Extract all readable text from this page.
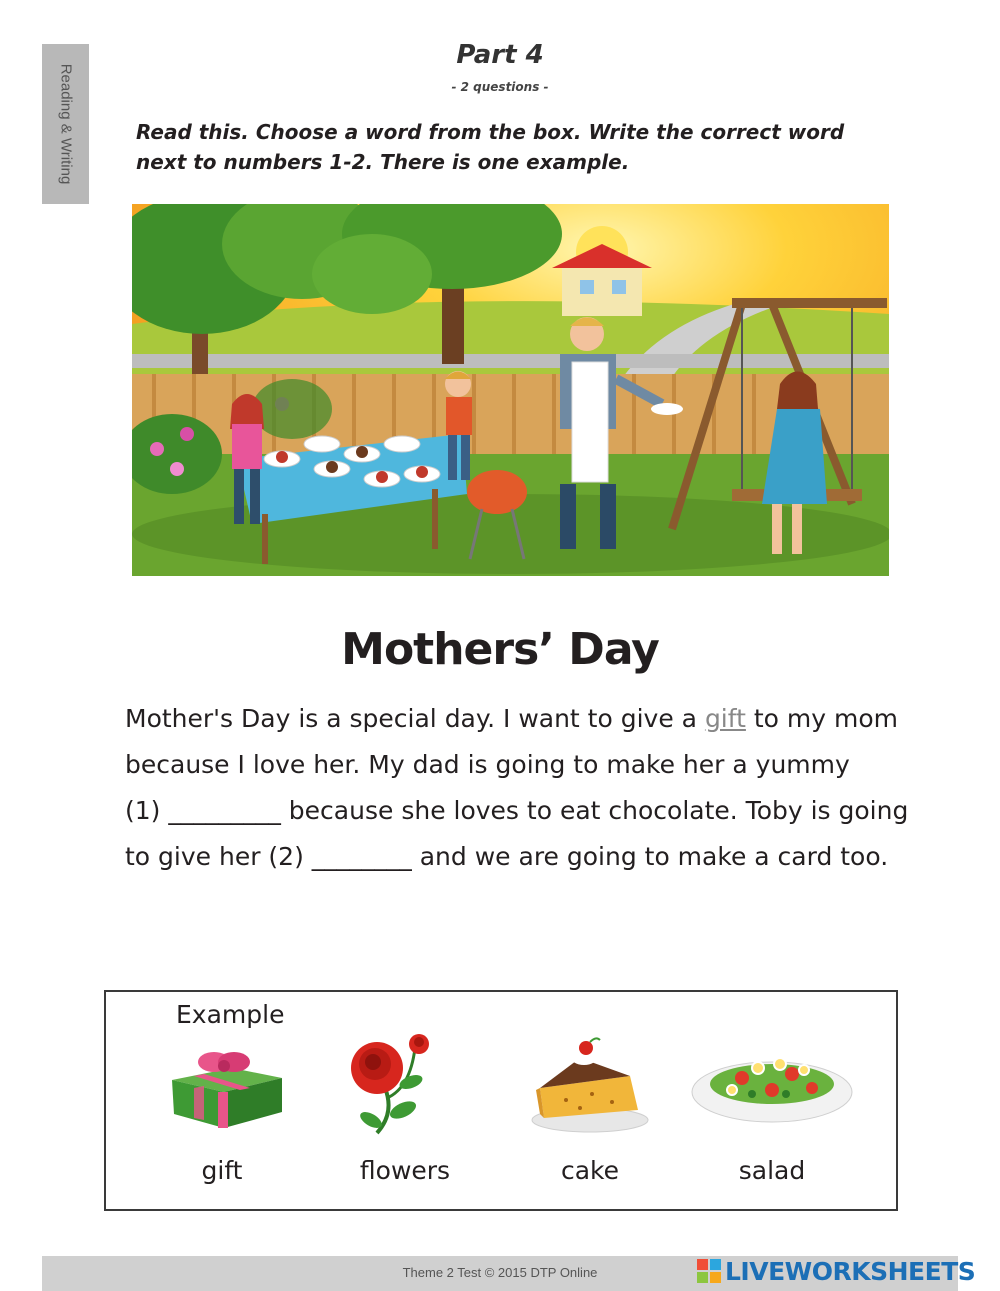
Reading & Writing
Part 4
- 2 questions -
Read this. Choose a word from the box. Write the correct word
next to numbers 1-2. There is one example.
Mothers’ Day
Mother's Day is a special day. I want to give a gift to my mom
because I love her. My dad is going to make her a yummy
(1) _________ because she loves to eat chocolate. Toby is going
to give her (2) ________ and we are going to make a card too.
Example
gift	flowers	cake	salad
Theme 2 Test © 2015 DTP Online	LIVEWORKSHEETS
